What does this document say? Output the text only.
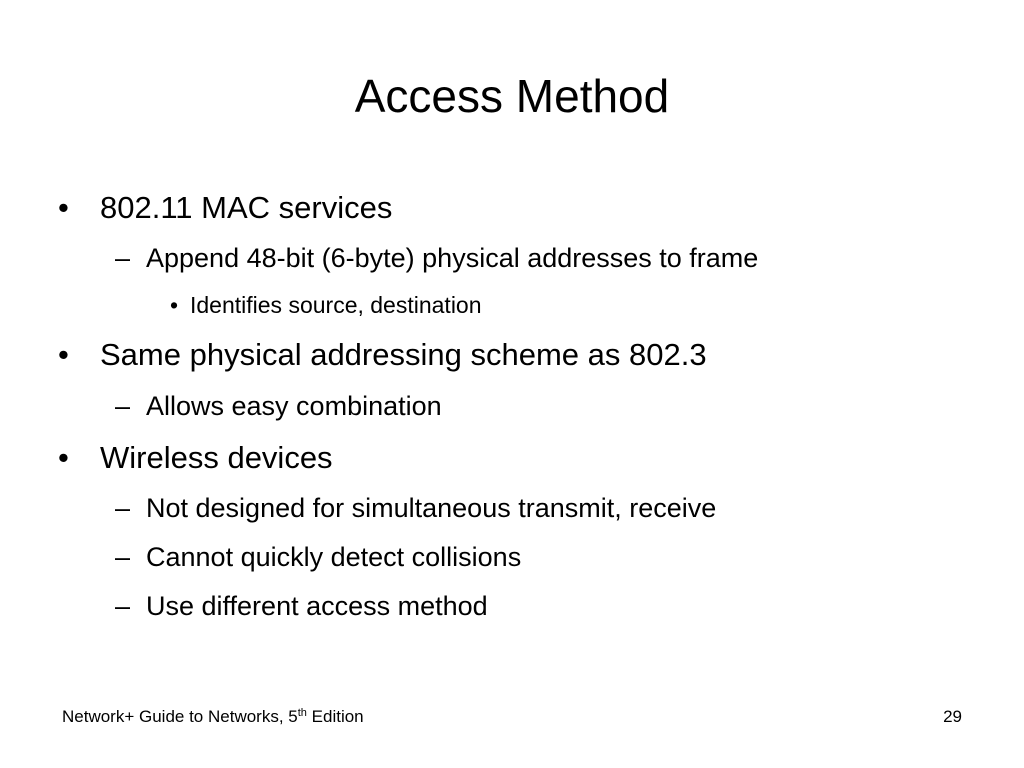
Access Method
• 802.11 MAC services
– Append 48-bit (6-byte) physical addresses to frame
• Identifies source, destination
• Same physical addressing scheme as 802.3
– Allows easy combination
• Wireless devices
– Not designed for simultaneous transmit, receive
– Cannot quickly detect collisions
– Use different access method
Network+ Guide to Networks, 5th Edition	29
